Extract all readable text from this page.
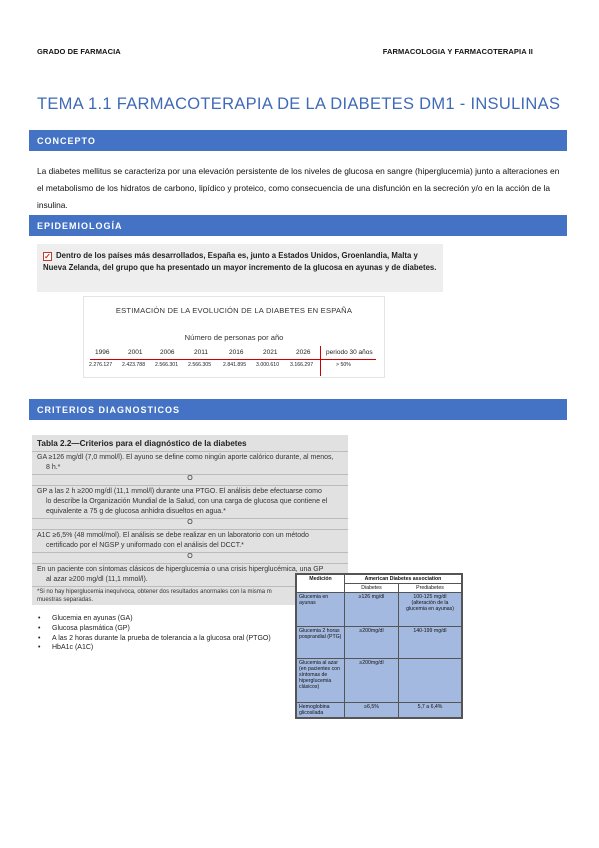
GRADO DE FARMACIA	FARMACOLOGIA Y FARMACOTERAPIA II
TEMA 1.1 FARMACOTERAPIA DE LA DIABETES DM1 - INSULINAS
CONCEPTO

La diabetes mellitus se caracteriza por una elevación persistente de los niveles de glucosa en sangre (hiperglucemia) junto a alteraciones en el metabolismo de los hidratos de carbono, lipídico y proteico, como consecuencia de una disfunción en la secreción y/o en la acción de la insulina.

EPIDEMIOLOGÍA
✓ Dentro de los países más desarrollados, España es, junto a Estados Unidos, Groenlandia, Malta y Nueva Zelanda, del grupo que ha presentado un mayor incremento de la glucosa en ayunas y de diabetes.
ESTIMACIÓN DE LA EVOLUCIÓN DE LA DIABETES EN ESPAÑA
Número de personas por año
1996	2001	2006	2011	2016	2021	2026 periodo 30 años
2.276.127 2.423.788 2.566.301 2.566.305 2.841.895 3.000.610 3.166.297	> 50%
CRITERIOS DIAGNOSTICOS
Tabla 2.2—Criterios para el diagnóstico de la diabetes
GA ≥126 mg/dl (7,0 mmol/l). El ayuno se define como ningún aporte calórico durante, al menos,
8 h.*
O
GP a las 2 h ≥200 mg/dl (11,1 mmol/l) durante una PTGO. El análisis debe efectuarse como
lo describe la Organización Mundial de la Salud, con una carga de glucosa que contiene el
equivalente a 75 g de glucosa anhidra disueltos en agua.*
O
A1C ≥6,5% (48 mmol/mol). El análisis se debe realizar en un laboratorio con un método
certificado por el NGSP y uniformado con el análisis del DCCT.*
O
En un paciente con síntomas clásicos de hiperglucemia o una crisis hiperglucémica, una GP
al azar ≥200 mg/dl (11,1 mmol/l).
*Si no hay hiperglucemia inequívoca, obtener dos resultados anormales con la misma m
muestras separadas.
• Glucemia en ayunas (GA)
• Glucosa plasmática (GP)
• A las 2 horas durante la prueba de tolerancia a la glucosa oral (PTGO)
• HbA1c (A1C)
Medición	American Diabetes association	
	Diabetes	Prediabetes
Glucemia en ayunas	≥126 mg/dl	100-125 mg/dl (alteración de la glucemia en ayunas)
Glucemia 2 horas posprandial (PTG)	≥200mg/dl	140-199 mg/dl
Glucemia al azar (en pacientes con síntomas de hiperglucemia clásicos)	≥200mg/dl	
Hemoglobina glicosilada	≥6,5%	5,7 a 6,4%
